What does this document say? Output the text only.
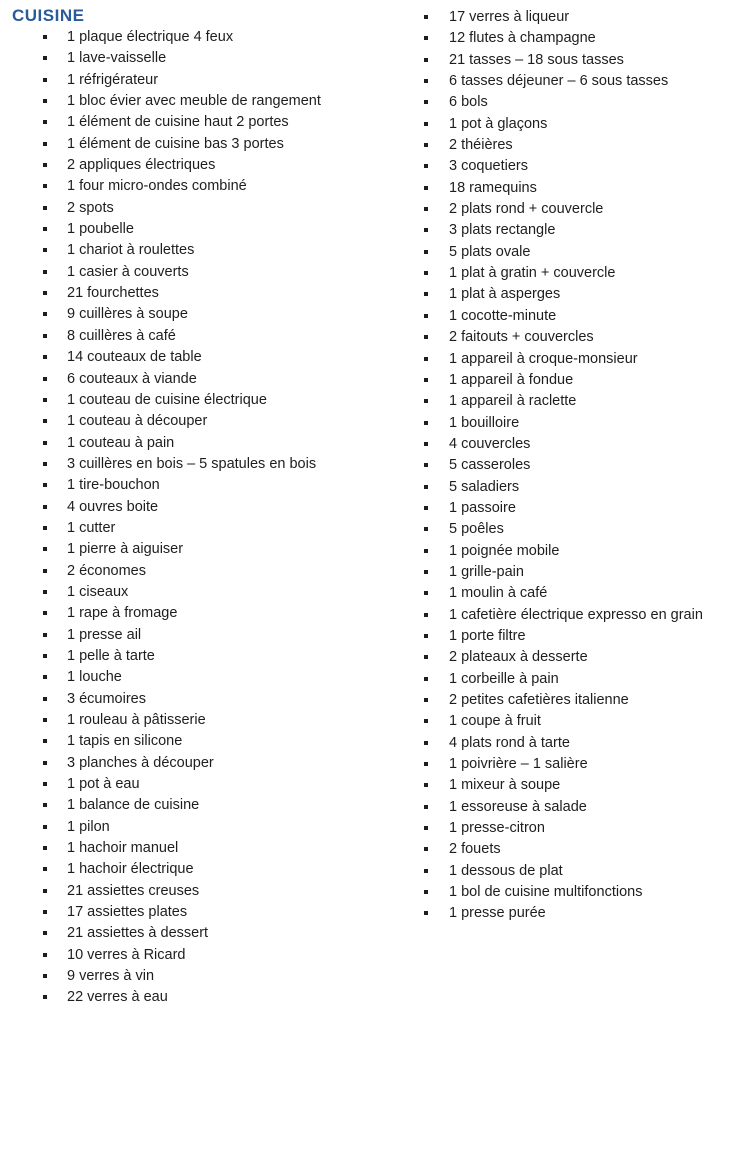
CUISINE
1 plaque électrique 4 feux
1 lave-vaisselle
1 réfrigérateur
1 bloc évier avec meuble de rangement
1 élément de cuisine haut 2 portes
1 élément de cuisine bas 3 portes
2 appliques électriques
1 four micro-ondes combiné
2 spots
1 poubelle
1 chariot à roulettes
1 casier à couverts
21 fourchettes
9 cuillères à soupe
8 cuillères à café
14 couteaux de table
6 couteaux à viande
1 couteau de cuisine électrique
1 couteau à découper
1 couteau à pain
3 cuillères en bois – 5 spatules en bois
1 tire-bouchon
4 ouvres boite
1 cutter
1 pierre à aiguiser
2 économes
1 ciseaux
1 rape à fromage
1 presse ail
1 pelle à tarte
1 louche
3 écumoires
1 rouleau à pâtisserie
1 tapis en silicone
3 planches à découper
1 pot à eau
1 balance de cuisine
1 pilon
1 hachoir manuel
1 hachoir électrique
21 assiettes creuses
17 assiettes plates
21 assiettes à dessert
10 verres à Ricard
9 verres à vin
22 verres à eau
17 verres à liqueur
12 flutes à champagne
21 tasses – 18 sous tasses
6 tasses déjeuner – 6 sous tasses
6 bols
1 pot à glaçons
2 théières
3 coquetiers
18 ramequins
2 plats rond + couvercle
3 plats rectangle
5 plats ovale
1 plat à gratin + couvercle
1 plat à asperges
1 cocotte-minute
2 faitouts + couvercles
1 appareil à croque-monsieur
1 appareil à fondue
1 appareil à raclette
1 bouilloire
4 couvercles
5 casseroles
5 saladiers
1 passoire
5 poêles
1 poignée mobile
1 grille-pain
1 moulin à café
1 cafetière électrique expresso en grain
1 porte filtre
2 plateaux à desserte
1 corbeille à pain
2 petites cafetières italienne
1 coupe à fruit
4 plats rond à tarte
1 poivrière – 1 salière
1 mixeur à soupe
1 essoreuse à salade
1 presse-citron
2 fouets
1 dessous de plat
1 bol de cuisine multifonctions
1 presse purée
